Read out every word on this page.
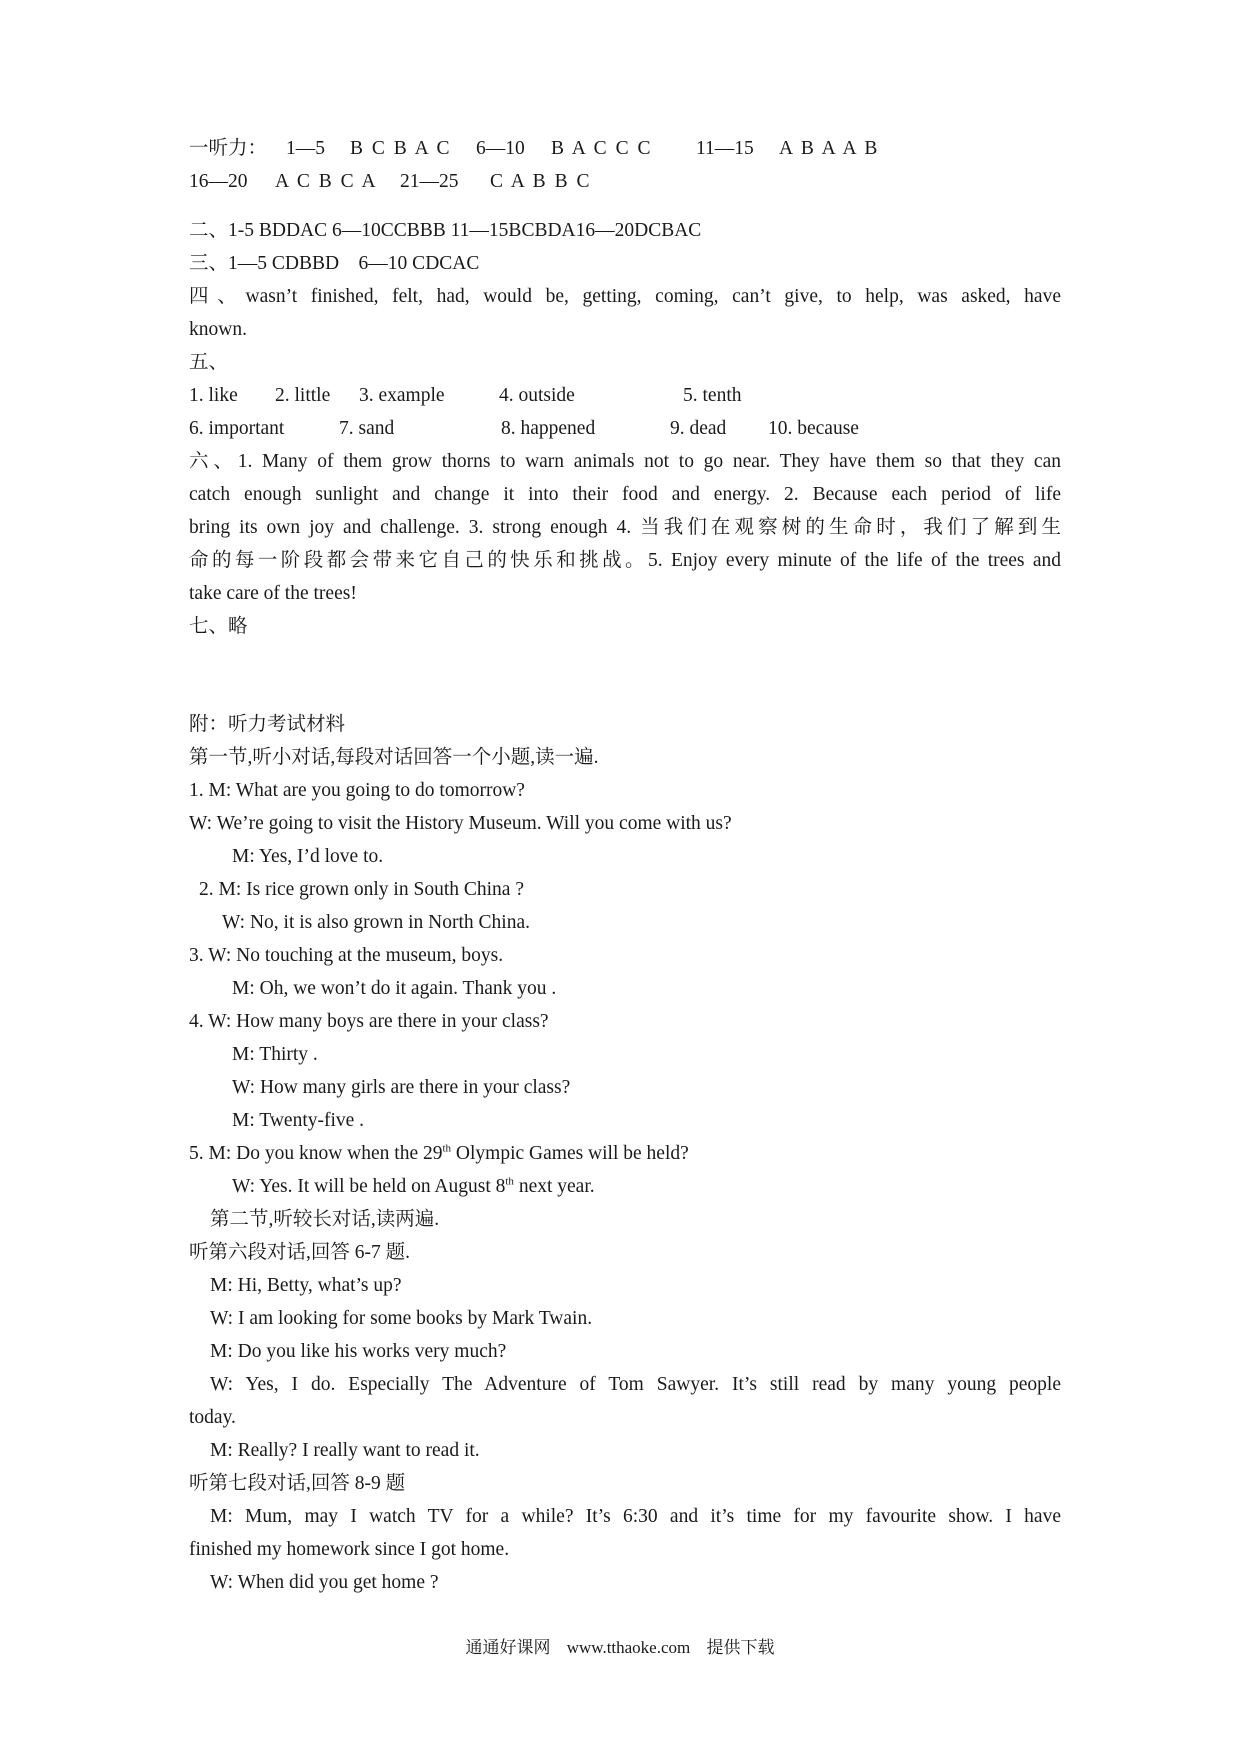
一听力： 1—5 B C B A C 6—10 B A C C C 11—15 A B A A B
16—20 A C B C A 21—25 C A B B C
二、1-5 BDDAC 6—10CCBBB 11—15BCBDA16—20DCBAC
三、1—5 CDBBD    6—10 CDCAC
四、wasn’t finished, felt, had, would be, getting, coming, can’t give, to help, was asked, have
known.
五、
1. like 2. little 3. example	4. outside	5. tenth
6. important	7. sand	8. happened	9. dead 10. because
六、1. Many of them grow thorns to warn animals not to go near. They have them so that they can
catch enough sunlight and change it into their food and energy. 2. Because each period of life
bring its own joy and challenge. 3. strong enough 4. 当我们在观察树的生命时，我们了解到生
命的每一阶段都会带来它自己的快乐和挑战。5. Enjoy every minute of the life of the trees and
take care of the trees!
七、略
附：听力考试材料
第一节,听小对话,每段对话回答一个小题,读一遍.
1. M: What are you going to do tomorrow?
W: We’re going to visit the History Museum. Will you come with us?
M: Yes, I’d love to.
2. M: Is rice grown only in South China ?
W: No, it is also grown in North China.
3. W: No touching at the museum, boys.
M: Oh, we won’t do it again. Thank you .
4. W: How many boys are there in your class?
M: Thirty .
W: How many girls are there in your class?
M: Twenty-five .
5. M: Do you know when the 29th Olympic Games will be held?
W: Yes. It will be held on August 8th next year.
第二节,听较长对话,读两遍.
听第六段对话,回答 6-7 题.
M: Hi, Betty, what’s up?
W: I am looking for some books by Mark Twain.
M: Do you like his works very much?
W: Yes, I do. Especially The Adventure of Tom Sawyer. It’s still read by many young people
today.
M: Really? I really want to read it.
听第七段对话,回答 8-9 题
M: Mum, may I watch TV for a while? It’s 6:30 and it’s time for my favourite show. I have
finished my homework since I got home.
W: When did you get home ?
通通好课网 www.tthaoke.com 提供下载
